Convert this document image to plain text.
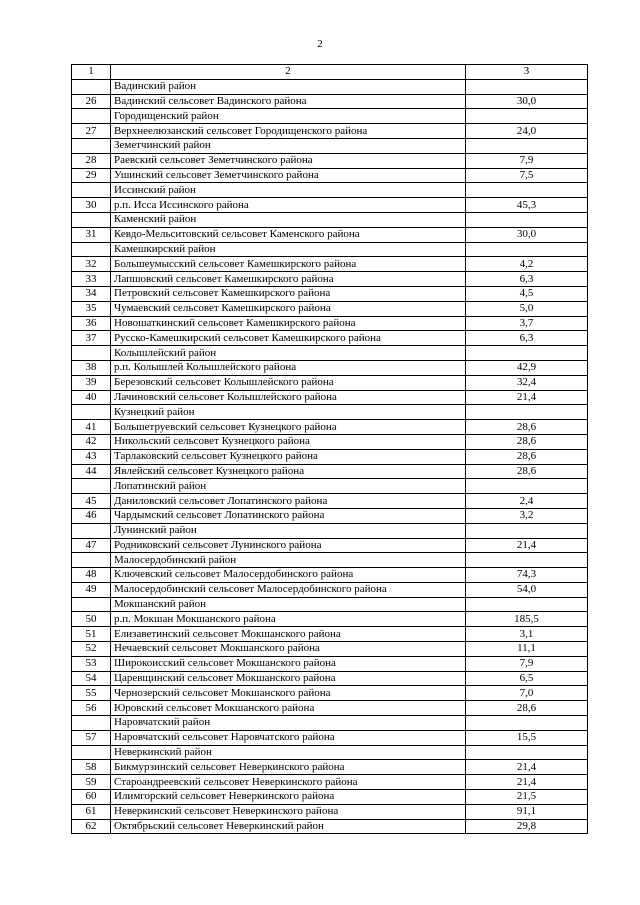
2
1	2	3
	Вадинский район	
26	Вадинский сельсовет Вадинского района	30,0
	Городищенский район	
27	Верхнеелюзанский сельсовет Городищенского района	24,0
	Земетчинский район	
28	Раевский сельсовет Земетчинского района	7,9
29	Ушинский сельсовет Земетчинского района	7,5
	Иссинский район	
30	р.п. Исса Иссинского района	45,3
	Каменский район	
31	Кевдо-Мельситовский сельсовет Каменского района	30,0
	Камешкирский район	
32	Большеумысский сельсовет Камешкирского района	4,2
33	Лапшовский сельсовет Камешкирского района	6,3
34	Петровский сельсовет Камешкирского района	4,5
35	Чумаевский сельсовет Камешкирского района	5,0
36	Новошаткинский сельсовет Камешкирского района	3,7
37	Русско-Камешкирский сельсовет Камешкирского района	6,3
	Колышлейский район	
38	р.п. Колышлей Колышлейского района	42,9
39	Березовский сельсовет Колышлейского района	32,4
40	Лачиновский сельсовет Колышлейского района	21,4
	Кузнецкий район	
41	Большетруевский сельсовет Кузнецкого района	28,6
42	Никольский сельсовет Кузнецкого района	28,6
43	Тарлаковский сельсовет Кузнецкого района	28,6
44	Явлейский сельсовет Кузнецкого района	28,6
	Лопатинский район	
45	Даниловский сельсовет Лопатинского района	2,4
46	Чардымский сельсовет Лопатинского района	3,2
	Лунинский район	
47	Родниковский сельсовет Лунинского района	21,4
	Малосердобинский район	
48	Ключевский сельсовет Малосердобинского района	74,3
49	Малосердобинский сельсовет Малосердобинского района	54,0
	Мокшанский район	
50	р.п. Мокшан Мокшанского района	185,5
51	Елизаветинский сельсовет Мокшанского района	3,1
52	Нечаевский сельсовет Мокшанского района	11,1
53	Широкоисский сельсовет Мокшанского района	7,9
54	Царевщинский сельсовет Мокшанского района	6,5
55	Чернозерский сельсовет Мокшанского района	7,0
56	Юровский сельсовет Мокшанского района	28,6
	Наровчатский район	
57	Наровчатский сельсовет Наровчатского района	15,5
	Неверкинский район	
58	Бикмурзинский сельсовет Неверкинского района	21,4
59	Староандреевский сельсовет Неверкинского района	21,4
60	Илимгорский сельсовет Неверкинского района	21,5
61	Неверкинский сельсовет Неверкинского района	91,1
62	Октябрьский сельсовет Неверкинский район	29,8
